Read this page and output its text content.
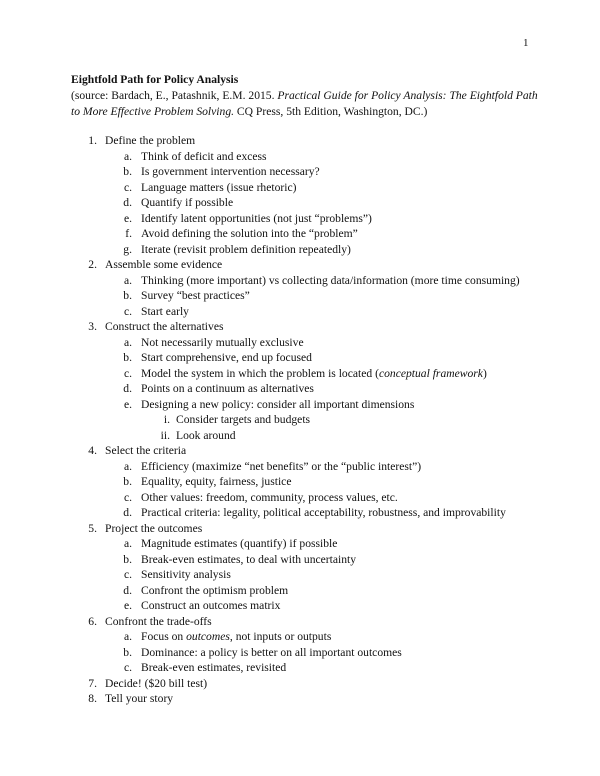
1
Eightfold Path for Policy Analysis
(source: Bardach, E., Patashnik, E.M. 2015. Practical Guide for Policy Analysis: The Eightfold Path to More Effective Problem Solving. CQ Press, 5th Edition, Washington, DC.)
1. Define the problem
a. Think of deficit and excess
b. Is government intervention necessary?
c. Language matters (issue rhetoric)
d. Quantify if possible
e. Identify latent opportunities (not just “problems”)
f. Avoid defining the solution into the “problem”
g. Iterate (revisit problem definition repeatedly)
2. Assemble some evidence
a. Thinking (more important) vs collecting data/information (more time consuming)
b. Survey “best practices”
c. Start early
3. Construct the alternatives
a. Not necessarily mutually exclusive
b. Start comprehensive, end up focused
c. Model the system in which the problem is located (conceptual framework)
d. Points on a continuum as alternatives
e. Designing a new policy: consider all important dimensions
i. Consider targets and budgets
ii. Look around
4. Select the criteria
a. Efficiency (maximize “net benefits” or the “public interest”)
b. Equality, equity, fairness, justice
c. Other values: freedom, community, process values, etc.
d. Practical criteria: legality, political acceptability, robustness, and improvability
5. Project the outcomes
a. Magnitude estimates (quantify) if possible
b. Break-even estimates, to deal with uncertainty
c. Sensitivity analysis
d. Confront the optimism problem
e. Construct an outcomes matrix
6. Confront the trade-offs
a. Focus on outcomes, not inputs or outputs
b. Dominance: a policy is better on all important outcomes
c. Break-even estimates, revisited
7. Decide! ($20 bill test)
8. Tell your story
